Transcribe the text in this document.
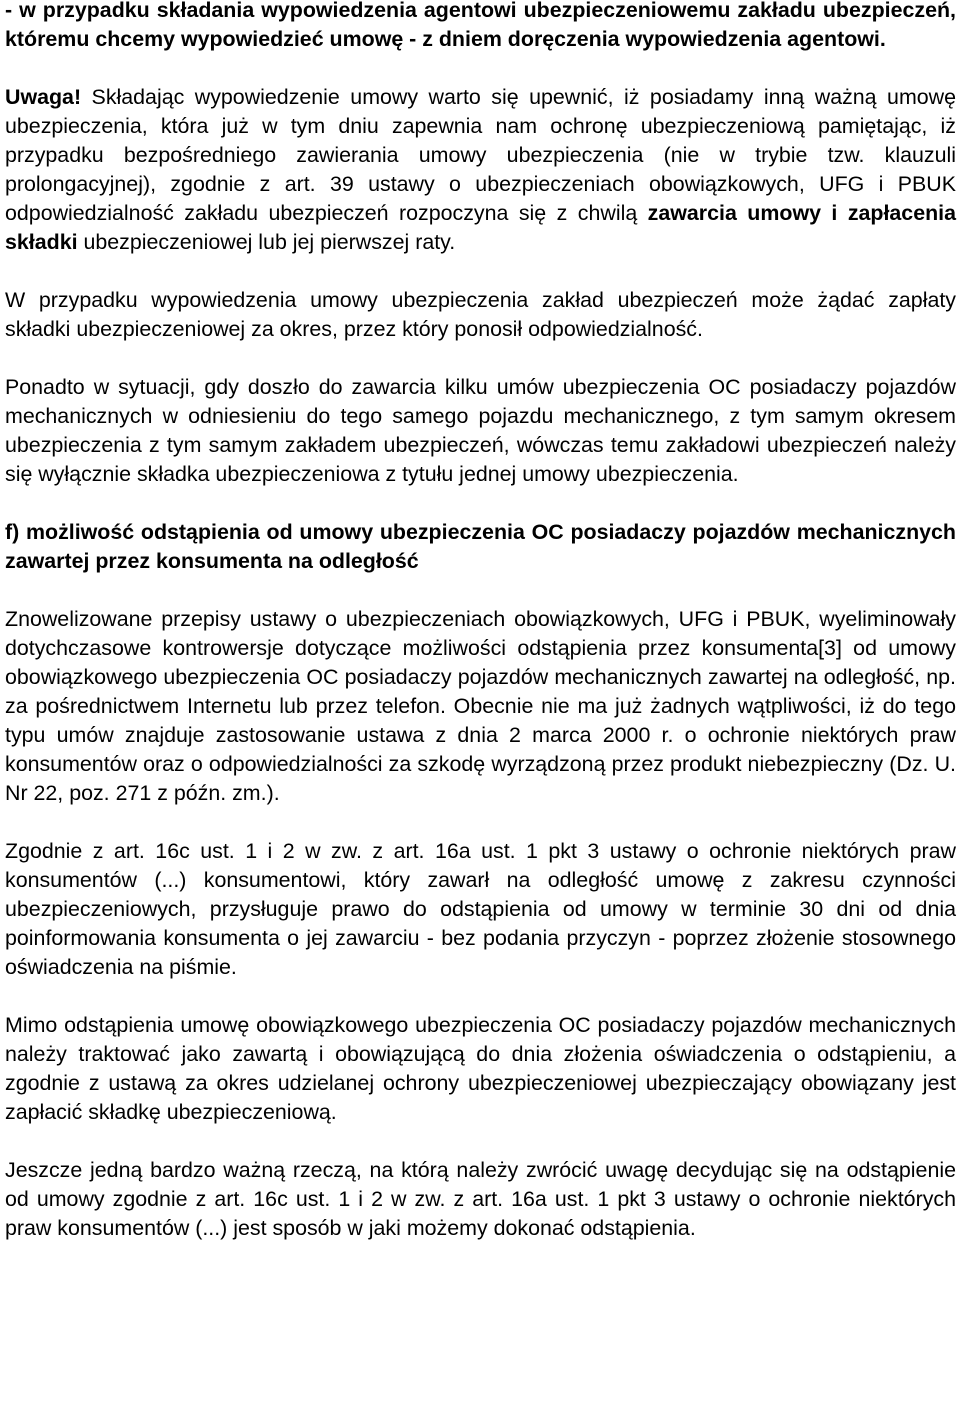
- w przypadku składania wypowiedzenia agentowi ubezpieczeniowemu zakładu ubezpieczeń, któremu chcemy wypowiedzieć umowę - z dniem doręczenia wypowiedzenia agentowi.

Uwaga! Składając wypowiedzenie umowy warto się upewnić, iż posiadamy inną ważną umowę ubezpieczenia, która już w tym dniu zapewnia nam ochronę ubezpieczeniową pamiętając, iż przypadku bezpośredniego zawierania umowy ubezpieczenia (nie w trybie tzw. klauzuli prolongacyjnej), zgodnie z art. 39 ustawy o ubezpieczeniach obowiązkowych, UFG i PBUK odpowiedzialność zakładu ubezpieczeń rozpoczyna się z chwilą zawarcia umowy i zapłacenia składki ubezpieczeniowej lub jej pierwszej raty.

W przypadku wypowiedzenia umowy ubezpieczenia zakład ubezpieczeń może żądać zapłaty składki ubezpieczeniowej za okres, przez który ponosił odpowiedzialność.

Ponadto w sytuacji, gdy doszło do zawarcia kilku umów ubezpieczenia OC posiadaczy pojazdów mechanicznych w odniesieniu do tego samego pojazdu mechanicznego, z tym samym okresem ubezpieczenia z tym samym zakładem ubezpieczeń, wówczas temu zakładowi ubezpieczeń należy się wyłącznie składka ubezpieczeniowa z tytułu jednej umowy ubezpieczenia.

f) możliwość odstąpienia od umowy ubezpieczenia OC posiadaczy pojazdów mechanicznych zawartej przez konsumenta na odległość

Znowelizowane przepisy ustawy o ubezpieczeniach obowiązkowych, UFG i PBUK, wyeliminowały dotychczasowe kontrowersje dotyczące możliwości odstąpienia przez konsumenta[3] od umowy obowiązkowego ubezpieczenia OC posiadaczy pojazdów mechanicznych zawartej na odległość, np. za pośrednictwem Internetu lub przez telefon. Obecnie nie ma już żadnych wątpliwości, iż do tego typu umów znajduje zastosowanie ustawa z dnia 2 marca 2000 r. o ochronie niektórych praw konsumentów oraz o odpowiedzialności za szkodę wyrządzoną przez produkt niebezpieczny (Dz. U. Nr 22, poz. 271 z późn. zm.).

Zgodnie z art. 16c ust. 1 i 2 w zw. z art. 16a ust. 1 pkt 3 ustawy o ochronie niektórych praw konsumentów (...) konsumentowi, który zawarł na odległość umowę z zakresu czynności ubezpieczeniowych, przysługuje prawo do odstąpienia od umowy w terminie 30 dni od dnia poinformowania konsumenta o jej zawarciu - bez podania przyczyn - poprzez złożenie stosownego oświadczenia na piśmie.

Mimo odstąpienia umowę obowiązkowego ubezpieczenia OC posiadaczy pojazdów mechanicznych należy traktować jako zawartą i obowiązującą do dnia złożenia oświadczenia o odstąpieniu, a zgodnie z ustawą za okres udzielanej ochrony ubezpieczeniowej ubezpieczający obowiązany jest zapłacić składkę ubezpieczeniową.

Jeszcze jedną bardzo ważną rzeczą, na którą należy zwrócić uwagę decydując się na odstąpienie od umowy zgodnie z art. 16c ust. 1 i 2 w zw. z art. 16a ust. 1 pkt 3 ustawy o ochronie niektórych praw konsumentów (...) jest sposób w jaki możemy dokonać odstąpienia.
